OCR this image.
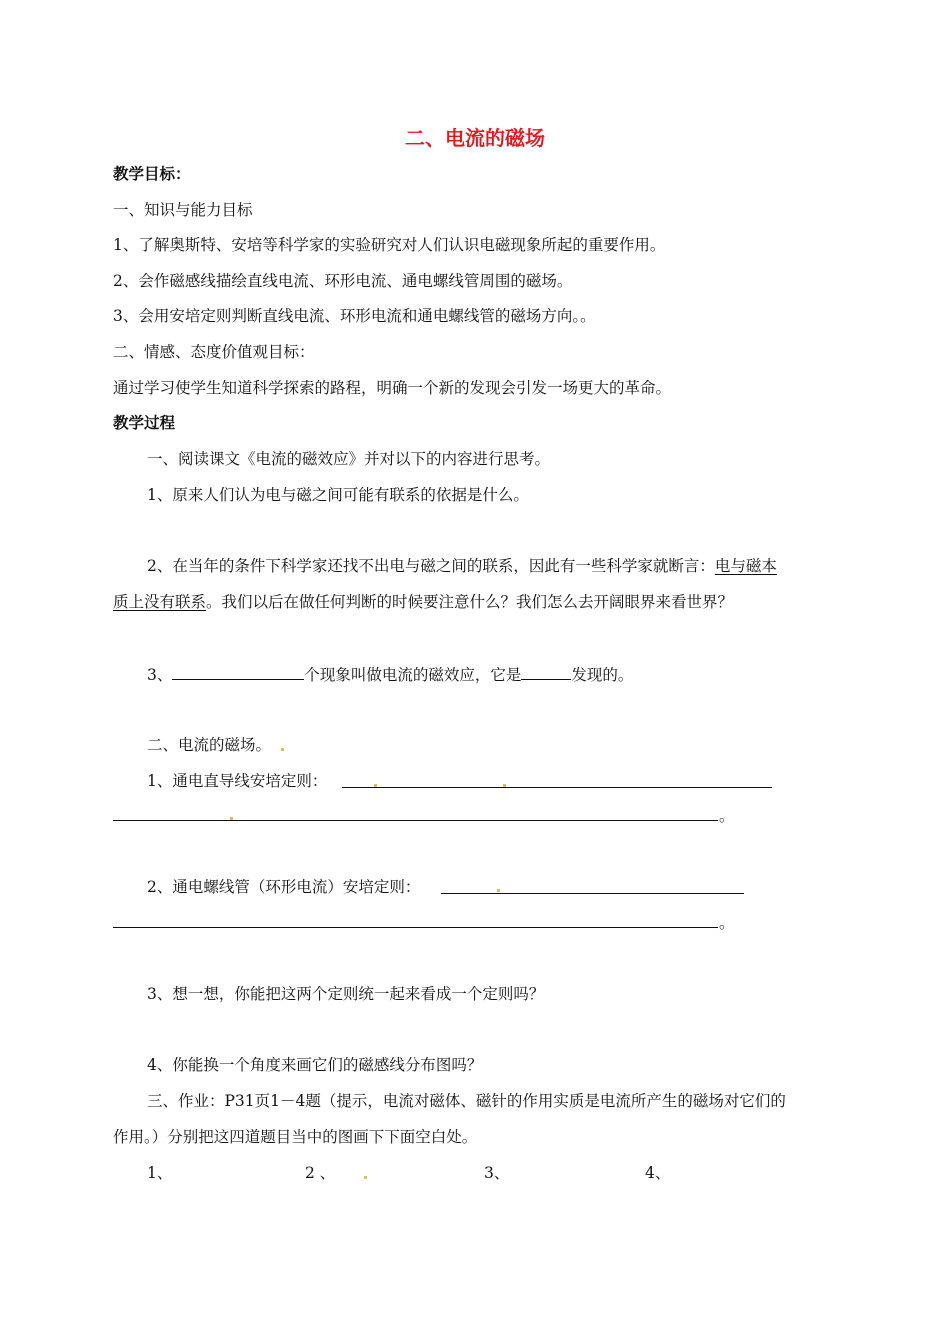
二、电流的磁场
教学目标：
一、知识与能力目标
1、了解奥斯特、安培等科学家的实验研究对人们认识电磁现象所起的重要作用。
2、会作磁感线描绘直线电流、环形电流、通电螺线管周围的磁场。
3、会用安培定则判断直线电流、环形电流和通电螺线管的磁场方向。。
二、情感、态度价值观目标：
通过学习使学生知道科学探索的路程，明确一个新的发现会引发一场更大的革命。
教学过程
一、阅读课文《电流的磁效应》并对以下的内容进行思考。
1、原来人们认为电与磁之间可能有联系的依据是什么。
2、在当年的条件下科学家还找不出电与磁之间的联系，因此有一些科学家就断言：电与磁本
质上没有联系。我们以后在做任何判断的时候要注意什么？我们怎么去开阔眼界来看世界？
3、	个现象叫做电流的磁效应，它是	发现的。
二、电流的磁场。
1、通电直导线安培定则：
。
2、通电螺线管（环形电流）安培定则：
。
3、想一想，你能把这两个定则统一起来看成一个定则吗？
4、你能换一个角度来画它们的磁感线分布图吗？
三、作业：P31页1－4题（提示，电流对磁体、磁针的作用实质是电流所产生的磁场对它们的
作用。）分别把这四道题目当中的图画下下面空白处。
1、	2 、	3、	4、
